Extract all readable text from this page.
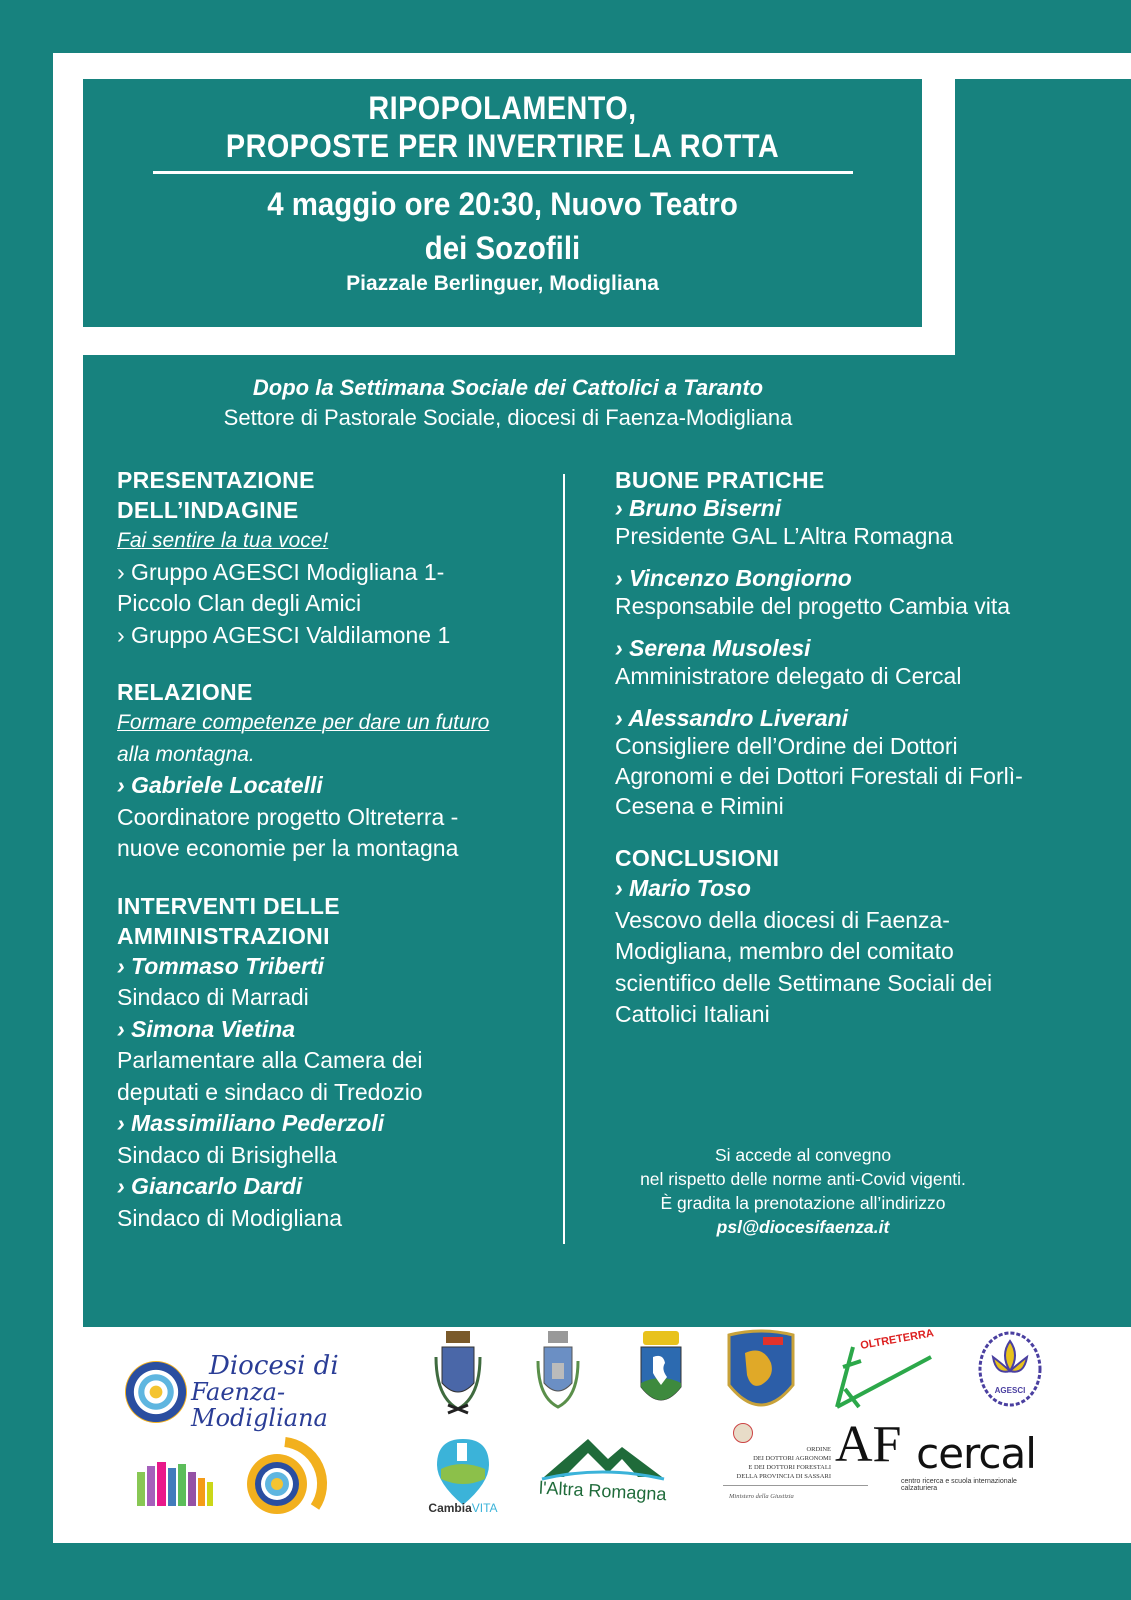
RIPOPOLAMENTO,
PROPOSTE PER INVERTIRE LA ROTTA
4 maggio ore 20:30, Nuovo Teatro
dei Sozofili
Piazzale Berlinguer, Modigliana
Dopo la Settimana Sociale dei Cattolici a Taranto
Settore di Pastorale Sociale, diocesi di Faenza-Modigliana
PRESENTAZIONE
DELL’INDAGINE
Fai sentire la tua voce!
› Gruppo AGESCI Modigliana 1-
Piccolo Clan degli Amici
› Gruppo AGESCI Valdilamone 1
RELAZIONE
Formare competenze per dare un futuro
alla montagna.
› Gabriele Locatelli
Coordinatore progetto Oltreterra -
nuove economie per la montagna
INTERVENTI DELLE
AMMINISTRAZIONI
› Tommaso Triberti
Sindaco di Marradi
› Simona Vietina
Parlamentare alla Camera dei deputati e sindaco di Tredozio
› Massimiliano Pederzoli
Sindaco di Brisighella
› Giancarlo Dardi
Sindaco di Modigliana
BUONE PRATICHE
› Bruno Biserni
Presidente GAL L’Altra Romagna
› Vincenzo Bongiorno
Responsabile del progetto Cambia vita
› Serena Musolesi
Amministratore delegato di Cercal
› Alessandro Liverani
Consigliere dell’Ordine dei Dottori Agronomi e dei Dottori Forestali di Forlì-Cesena e Rimini
CONCLUSIONI
› Mario Toso
Vescovo della diocesi di Faenza-Modigliana, membro del comitato scientifico delle Settimane Sociali dei Cattolici Italiani
Si accede al convegno
nel rispetto delle norme anti-Covid vigenti.
È gradita la prenotazione all’indirizzo
psl@diocesifaenza.it
Diocesi di
Faenza-Modigliana
OLTRETERRA
AGESCI
CambiaVITA
l'Altra Romagna
ORDINE
DEI DOTTORI AGRONOMI
E DEI DOTTORI FORESTALI
DELLA PROVINCIA DI SASSARI
AF
Ministero della Giustizia
cercal
centro ricerca e scuola internazionale calzaturiera
